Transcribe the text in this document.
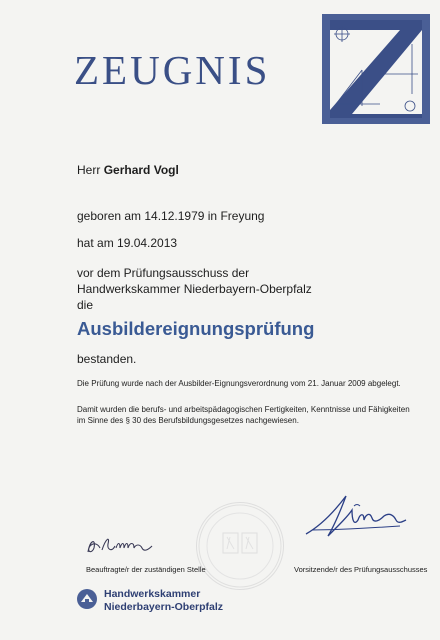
ZEUGNIS
Herr Gerhard Vogl
geboren am 14.12.1979 in Freyung
hat am 19.04.2013
vor dem Prüfungsausschuss der
Handwerkskammer Niederbayern-Oberpfalz
die
Ausbildereignungsprüfung
bestanden.
Die Prüfung wurde nach der Ausbilder-Eignungsverordnung vom 21. Januar 2009 abgelegt.
Damit wurden die berufs- und arbeitspädagogischen Fertigkeiten, Kenntnisse und Fähigkeiten
im Sinne des § 30 des Berufsbildungsgesetzes nachgewiesen.
Beauftragte/r der zuständigen Stelle	Vorsitzende/r des Prüfungsausschusses
Handwerkskammer
Niederbayern-Oberpfalz
